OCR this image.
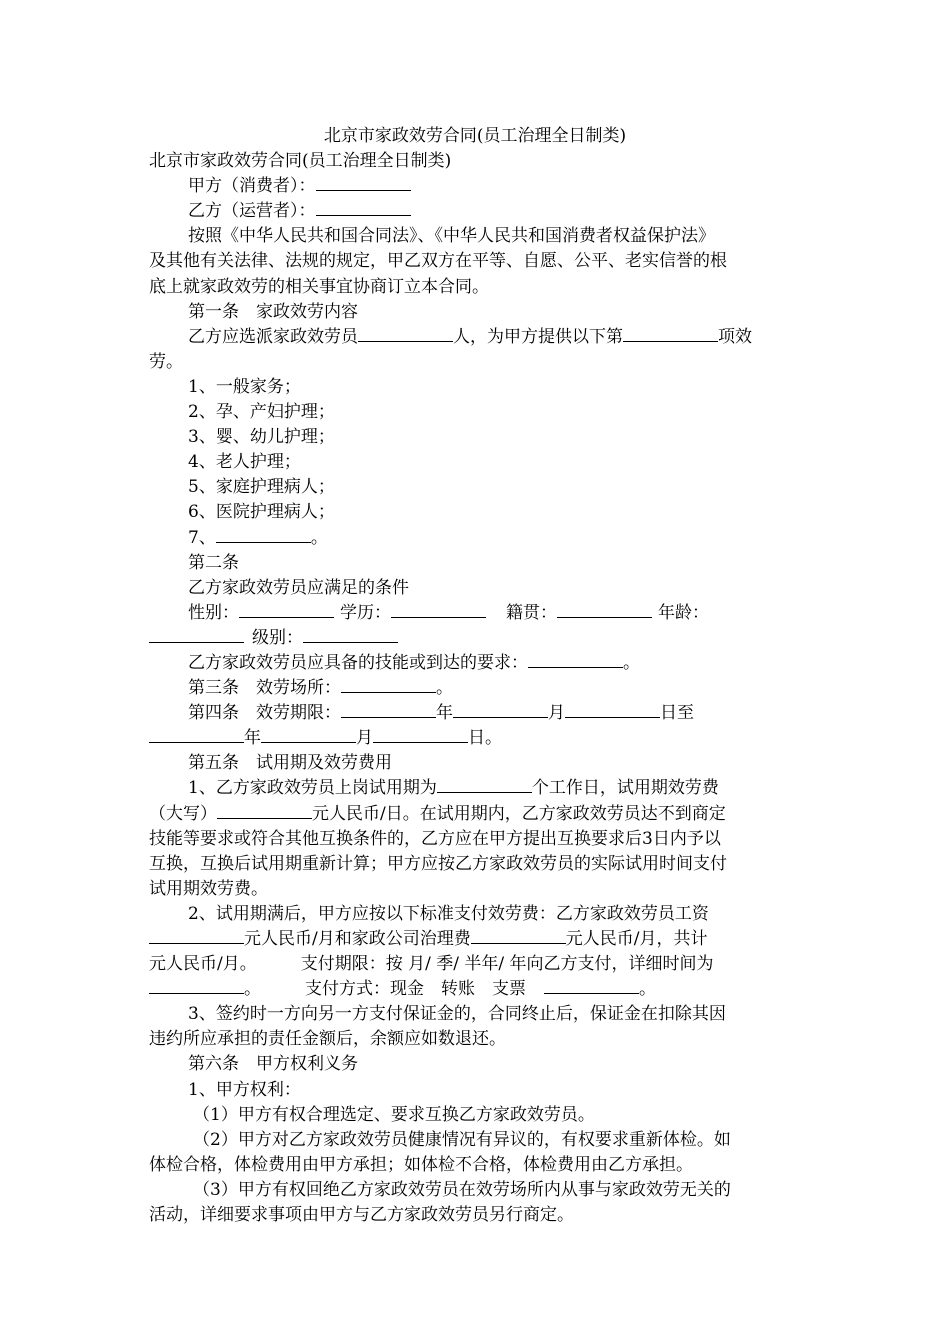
北京市家政效劳合同(员工治理全日制类)

北京市家政效劳合同(员工治理全日制类)

甲方（消费者）：

乙方（运营者）：

按照《中华人民共和国合同法》、《中华人民共和国消费者权益保护法》

及其他有关法律、法规的规定，甲乙双方在平等、自愿、公平、老实信誉的根

底上就家政效劳的相关事宜协商订立本合同。

第一条　家政效劳内容

乙方应选派家政效劳员	人，为甲方提供以下第	项效

劳。

1、一般家务；

2、孕、产妇护理；

3、婴、幼儿护理；

4、老人护理；

5、家庭护理病人；

6、医院护理病人；

7、	。

第二条

乙方家政效劳员应满足的条件

性别：	学历：	籍贯：	年龄：

级别：

乙方家政效劳员应具备的技能或到达的要求：	。

第三条　效劳场所：	。

第四条　效劳期限：	年	月	日至

年	月	日。

第五条　试用期及效劳费用

1、乙方家政效劳员上岗试用期为	个工作日，试用期效劳费

（大写）	元人民币/日。在试用期内，乙方家政效劳员达不到商定

技能等要求或符合其他互换条件的，乙方应在甲方提出互换要求后3日内予以

互换，互换后试用期重新计算；甲方应按乙方家政效劳员的实际试用时间支付

试用期效劳费。

2、试用期满后，甲方应按以下标准支付效劳费：乙方家政效劳员工资

元人民币/月和家政公司治理费	元人民币/月，共计

元人民币/月。	支付期限：按 月/ 季/ 半年/ 年向乙方支付，详细时间为

。	支付方式：现金　转账　支票	。

3、签约时一方向另一方支付保证金的，合同终止后，保证金在扣除其因

违约所应承担的责任金额后，余额应如数退还。

第六条　甲方权利义务

1、甲方权利：

（1）甲方有权合理选定、要求互换乙方家政效劳员。

（2）甲方对乙方家政效劳员健康情况有异议的，有权要求重新体检。如

体检合格，体检费用由甲方承担；如体检不合格，体检费用由乙方承担。

（3）甲方有权回绝乙方家政效劳员在效劳场所内从事与家政效劳无关的

活动，详细要求事项由甲方与乙方家政效劳员另行商定。
